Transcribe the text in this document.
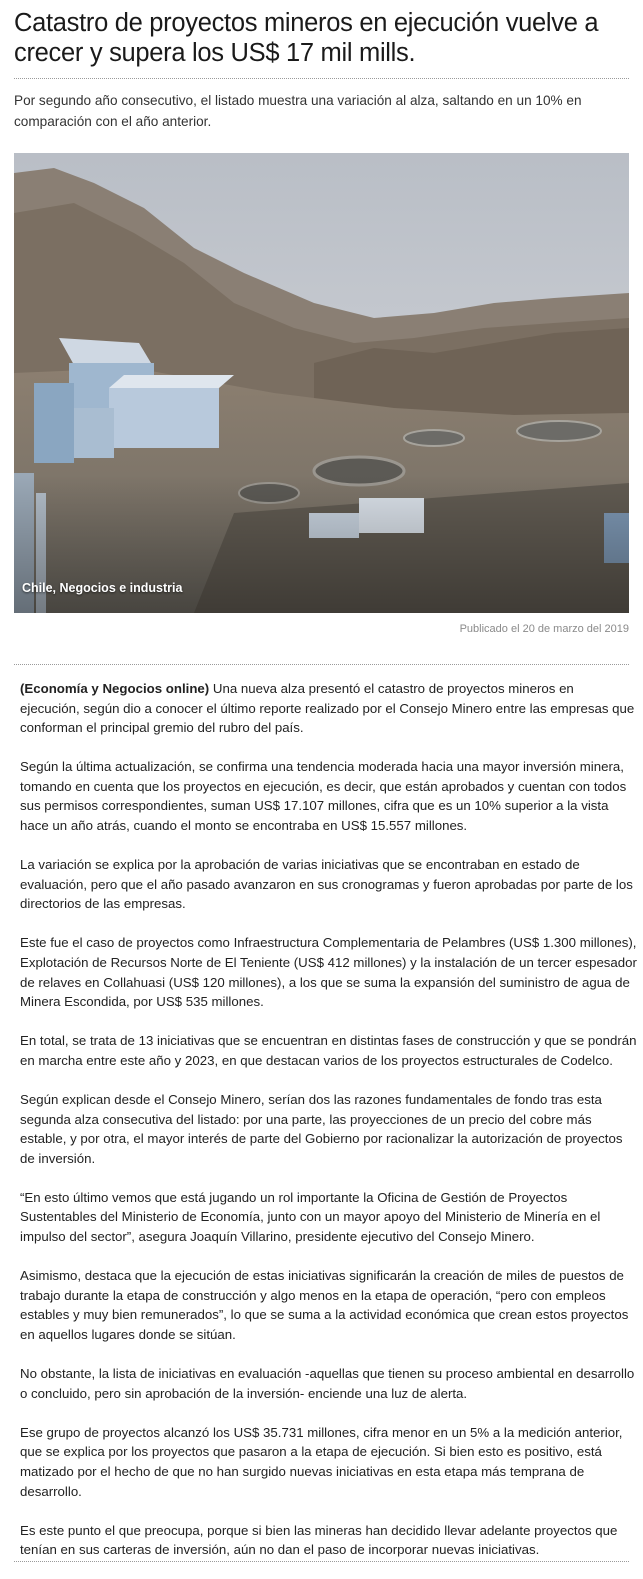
Catastro de proyectos mineros en ejecución vuelve a crecer y supera los US$ 17 mil mills.

Por segundo año consecutivo, el listado muestra una variación al alza, saltando en un 10% en comparación con el año anterior.

Chile, Negocios e industria
Publicado el 20 de marzo del 2019

(Economía y Negocios online) Una nueva alza presentó el catastro de proyectos mineros en ejecución, según dio a conocer el último reporte realizado por el Consejo Minero entre las empresas que conforman el principal gremio del rubro del país.

Según la última actualización, se confirma una tendencia moderada hacia una mayor inversión minera, tomando en cuenta que los proyectos en ejecución, es decir, que están aprobados y cuentan con todos sus permisos correspondientes, suman US$ 17.107 millones, cifra que es un 10% superior a la vista hace un año atrás, cuando el monto se encontraba en US$ 15.557 millones.

La variación se explica por la aprobación de varias iniciativas que se encontraban en estado de evaluación, pero que el año pasado avanzaron en sus cronogramas y fueron aprobadas por parte de los directorios de las empresas.

Este fue el caso de proyectos como Infraestructura Complementaria de Pelambres (US$ 1.300 millones), Explotación de Recursos Norte de El Teniente (US$ 412 millones) y la instalación de un tercer espesador de relaves en Collahuasi (US$ 120 millones), a los que se suma la expansión del suministro de agua de Minera Escondida, por US$ 535 millones.

En total, se trata de 13 iniciativas que se encuentran en distintas fases de construcción y que se pondrán en marcha entre este año y 2023, en que destacan varios de los proyectos estructurales de Codelco.

Según explican desde el Consejo Minero, serían dos las razones fundamentales de fondo tras esta segunda alza consecutiva del listado: por una parte, las proyecciones de un precio del cobre más estable, y por otra, el mayor interés de parte del Gobierno por racionalizar la autorización de proyectos de inversión.

“En esto último vemos que está jugando un rol importante la Oficina de Gestión de Proyectos Sustentables del Ministerio de Economía, junto con un mayor apoyo del Ministerio de Minería en el impulso del sector”, asegura Joaquín Villarino, presidente ejecutivo del Consejo Minero.

Asimismo, destaca que la ejecución de estas iniciativas significarán la creación de miles de puestos de trabajo durante la etapa de construcción y algo menos en la etapa de operación, “pero con empleos estables y muy bien remunerados”, lo que se suma a la actividad económica que crean estos proyectos en aquellos lugares donde se sitúan.

No obstante, la lista de iniciativas en evaluación -aquellas que tienen su proceso ambiental en desarrollo o concluido, pero sin aprobación de la inversión- enciende una luz de alerta.

Ese grupo de proyectos alcanzó los US$ 35.731 millones, cifra menor en un 5% a la medición anterior, que se explica por los proyectos que pasaron a la etapa de ejecución. Si bien esto es positivo, está matizado por el hecho de que no han surgido nuevas iniciativas en esta etapa más temprana de desarrollo.

Es este punto el que preocupa, porque si bien las mineras han decidido llevar adelante proyectos que tenían en sus carteras de inversión, aún no dan el paso de incorporar nuevas iniciativas.
